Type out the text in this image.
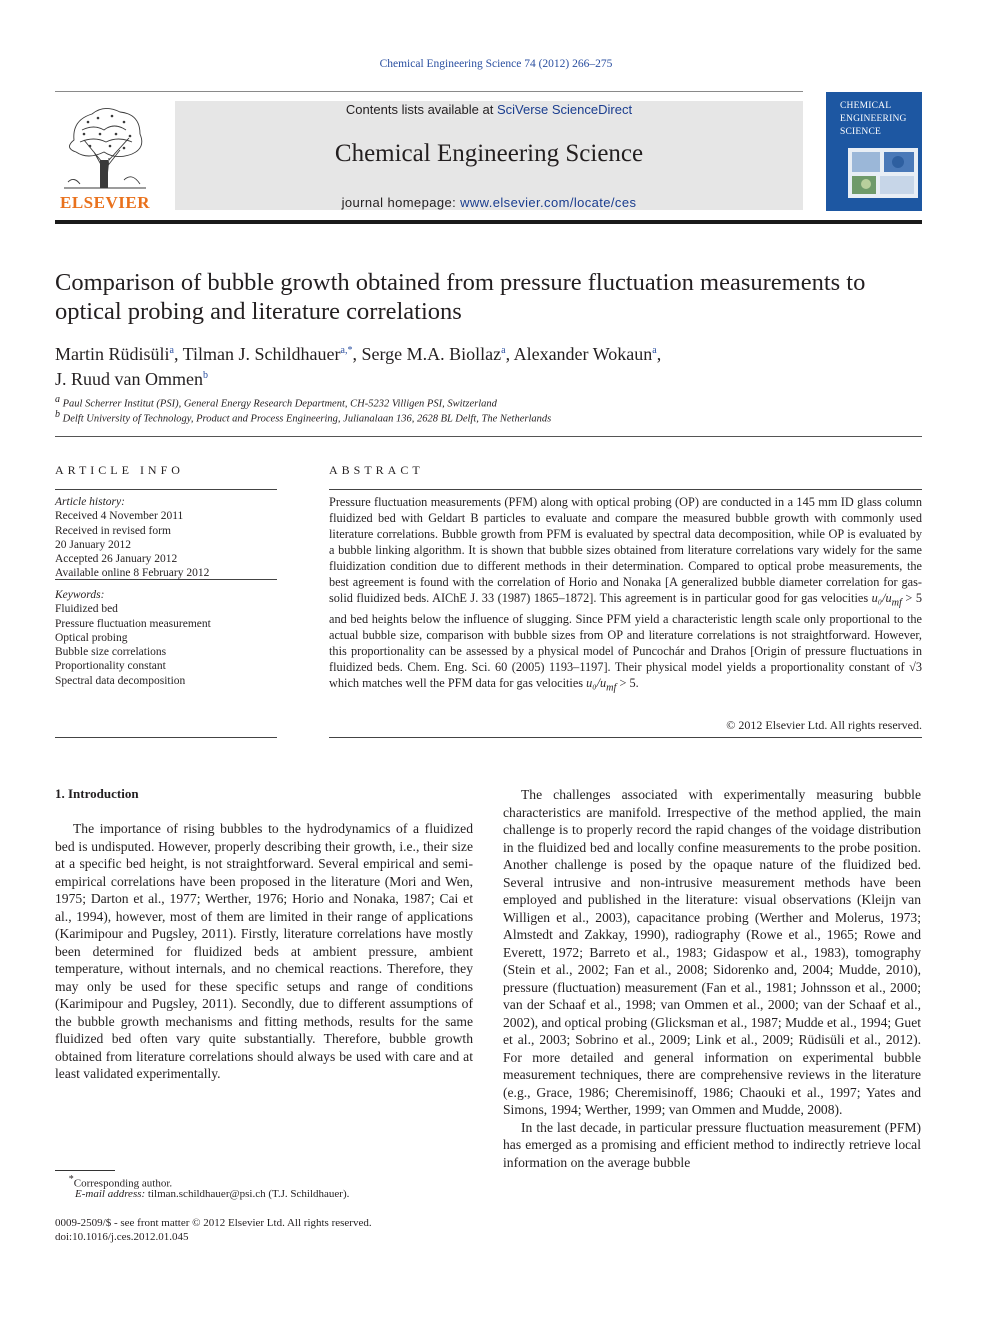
Chemical Engineering Science 74 (2012) 266–275
ELSEVIER
Contents lists available at SciVerse ScienceDirect
Chemical Engineering Science
journal homepage: www.elsevier.com/locate/ces
CHEMICAL
ENGINEERING
SCIENCE
Comparison of bubble growth obtained from pressure fluctuation measurements to optical probing and literature correlations
Martin Rüdisüli$^a$, Tilman J. Schildhauer$^{a,*}$, Serge M.A. Biollaz$^a$, Alexander Wokaun$^a$,
J. Ruud van Ommen$^b$
$^a$ Paul Scherrer Institut (PSI), General Energy Research Department, CH-5232 Villigen PSI, Switzerland
$^b$ Delft University of Technology, Product and Process Engineering, Julianalaan 136, 2628 BL Delft, The Netherlands
ARTICLE INFO	ABSTRACT
Article history:
Received 4 November 2011
Received in revised form
20 January 2012
Accepted 26 January 2012
Available online 8 February 2012
Keywords:
Fluidized bed
Pressure fluctuation measurement
Optical probing
Bubble size correlations
Proportionality constant
Spectral data decomposition
Pressure fluctuation measurements (PFM) along with optical probing (OP) are conducted in a 145 mm ID glass column fluidized bed with Geldart B particles to evaluate and compare the measured bubble growth with commonly used literature correlations. Bubble growth from PFM is evaluated by spectral data decomposition, while OP is evaluated by a bubble linking algorithm. It is shown that bubble sizes obtained from literature correlations vary widely for the same fluidization condition due to different methods in their determination. Compared to optical probe measurements, the best agreement is found with the correlation of Horio and Nonaka [A generalized bubble diameter correlation for gas-solid fluidized beds. AIChE J. 33 (1987) 1865–1872]. This agreement is in particular good for gas velocities $u_0/u_{mf} > 5$ and bed heights below the influence of slugging. Since PFM yield a characteristic length scale only proportional to the actual bubble size, comparison with bubble sizes from OP and literature correlations is not straightforward. However, this proportionality can be assessed by a physical model of Puncochár and Drahos [Origin of pressure fluctuations in fluidized beds. Chem. Eng. Sci. 60 (2005) 1193–1197]. Their physical model yields a proportionality constant of √3 which matches well the PFM data for gas velocities $u_0/u_{mf} > 5$.
© 2012 Elsevier Ltd. All rights reserved.
1. Introduction

The importance of rising bubbles to the hydrodynamics of a fluidized bed is undisputed. However, properly describing their growth, i.e., their size at a specific bed height, is not straightforward. Several empirical and semi-empirical correlations have been proposed in the literature (Mori and Wen, 1975; Darton et al., 1977; Werther, 1976; Horio and Nonaka, 1987; Cai et al., 1994), however, most of them are limited in their range of applications (Karimipour and Pugsley, 2011). Firstly, literature correlations have mostly been determined for fluidized beds at ambient pressure, ambient temperature, without internals, and no chemical reactions. Therefore, they may only be used for these specific setups and range of conditions (Karimipour and Pugsley, 2011). Secondly, due to different assumptions of the bubble growth mechanisms and fitting methods, results for the same fluidized bed often vary quite substantially. Therefore, bubble growth obtained from literature correlations should always be used with care and at least validated experimentally.

The challenges associated with experimentally measuring bubble characteristics are manifold. Irrespective of the method applied, the main challenge is to properly record the rapid changes of the voidage distribution in the fluidized bed and locally confine measurements to the probe position. Another challenge is posed by the opaque nature of the fluidized bed. Several intrusive and non-intrusive measurement methods have been employed and published in the literature: visual observations (Kleijn van Willigen et al., 2003), capacitance probing (Werther and Molerus, 1973; Almstedt and Zakkay, 1990), radiography (Rowe et al., 1965; Rowe and Everett, 1972; Barreto et al., 1983; Gidaspow et al., 1983), tomography (Stein et al., 2002; Fan et al., 2008; Sidorenko and, 2004; Mudde, 2010), pressure (fluctuation) measurement (Fan et al., 1981; Johnsson et al., 2000; van der Schaaf et al., 1998; van Ommen et al., 2000; van der Schaaf et al., 2002), and optical probing (Glicksman et al., 1987; Mudde et al., 1994; Guet et al., 2003; Sobrino et al., 2009; Link et al., 2009; Rüdisüli et al., 2012). For more detailed and general information on experimental bubble measurement techniques, there are comprehensive reviews in the literature (e.g., Grace, 1986; Cheremisinoff, 1986; Chaouki et al., 1997; Yates and Simons, 1994; Werther, 1999; van Ommen and Mudde, 2008).

In the last decade, in particular pressure fluctuation measurement (PFM) has emerged as a promising and efficient method to indirectly retrieve local information on the average bubble

*Corresponding author.
E-mail address: tilman.schildhauer@psi.ch (T.J. Schildhauer).
0009-2509/$ - see front matter © 2012 Elsevier Ltd. All rights reserved.
doi:10.1016/j.ces.2012.01.045
